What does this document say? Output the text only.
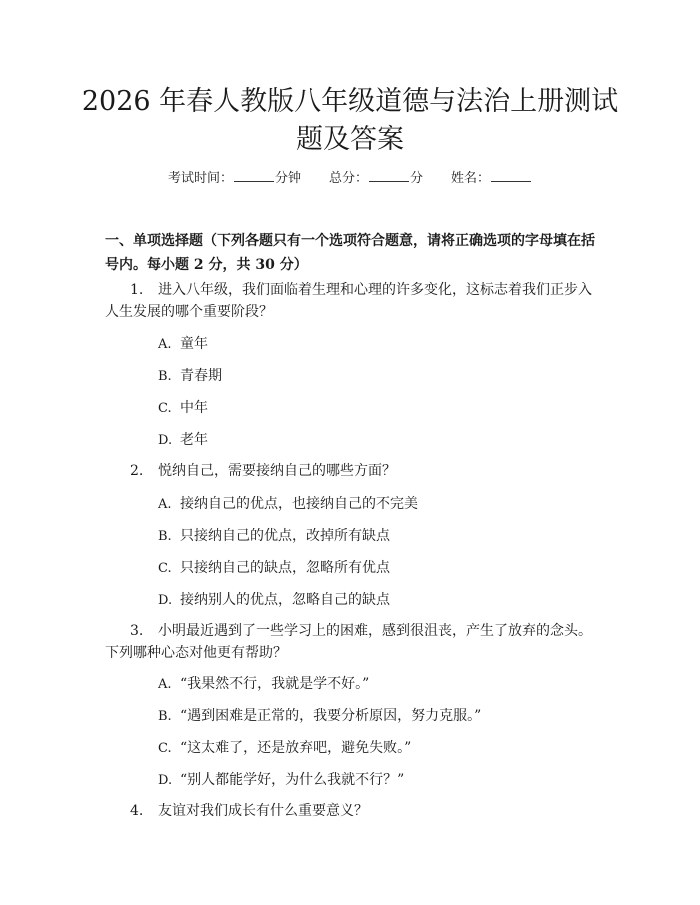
2026 年春人教版八年级道德与法治上册测试
题及答案
考试时间：	分钟 总分：	分 姓名：

一、单项选择题（下列各题只有一个选项符合题意，请将正确选项的字母填在括号内。每小题 2 分，共 30 分）

1. 进入八年级，我们面临着生理和心理的许多变化，这标志着我们正步入人生发展的哪个重要阶段？

A. 童年

B. 青春期

C. 中年

D. 老年

2. 悦纳自己，需要接纳自己的哪些方面？

A. 接纳自己的优点，也接纳自己的不完美

B. 只接纳自己的优点，改掉所有缺点

C. 只接纳自己的缺点，忽略所有优点

D. 接纳别人的优点，忽略自己的缺点

3. 小明最近遇到了一些学习上的困难，感到很沮丧，产生了放弃的念头。下列哪种心态对他更有帮助？

A. “我果然不行，我就是学不好。”

B. “遇到困难是正常的，我要分析原因，努力克服。”

C. “这太难了，还是放弃吧，避免失败。”

D. “别人都能学好，为什么我就不行？”

4. 友谊对我们成长有什么重要意义？
